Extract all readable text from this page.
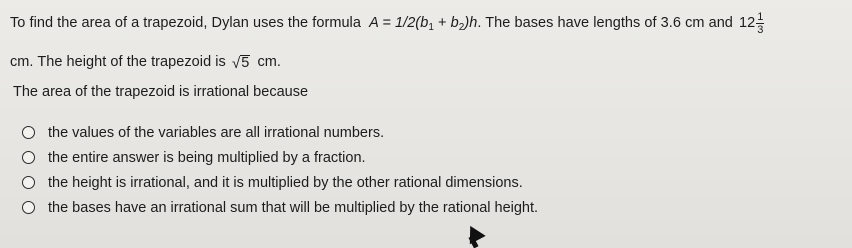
To find the area of a trapezoid, Dylan uses the formula $A = 1/2(b_1 + b_2)h$. The bases have lengths of 3.6 cm and $12 \frac{1}{3}$
cm. The height of the trapezoid is √ 5 cm.
The area of the trapezoid is irrational because
the values of the variables are all irrational numbers.
the entire answer is being multiplied by a fraction.
the height is irrational, and it is multiplied by the other rational dimensions.
the bases have an irrational sum that will be multiplied by the rational height.
